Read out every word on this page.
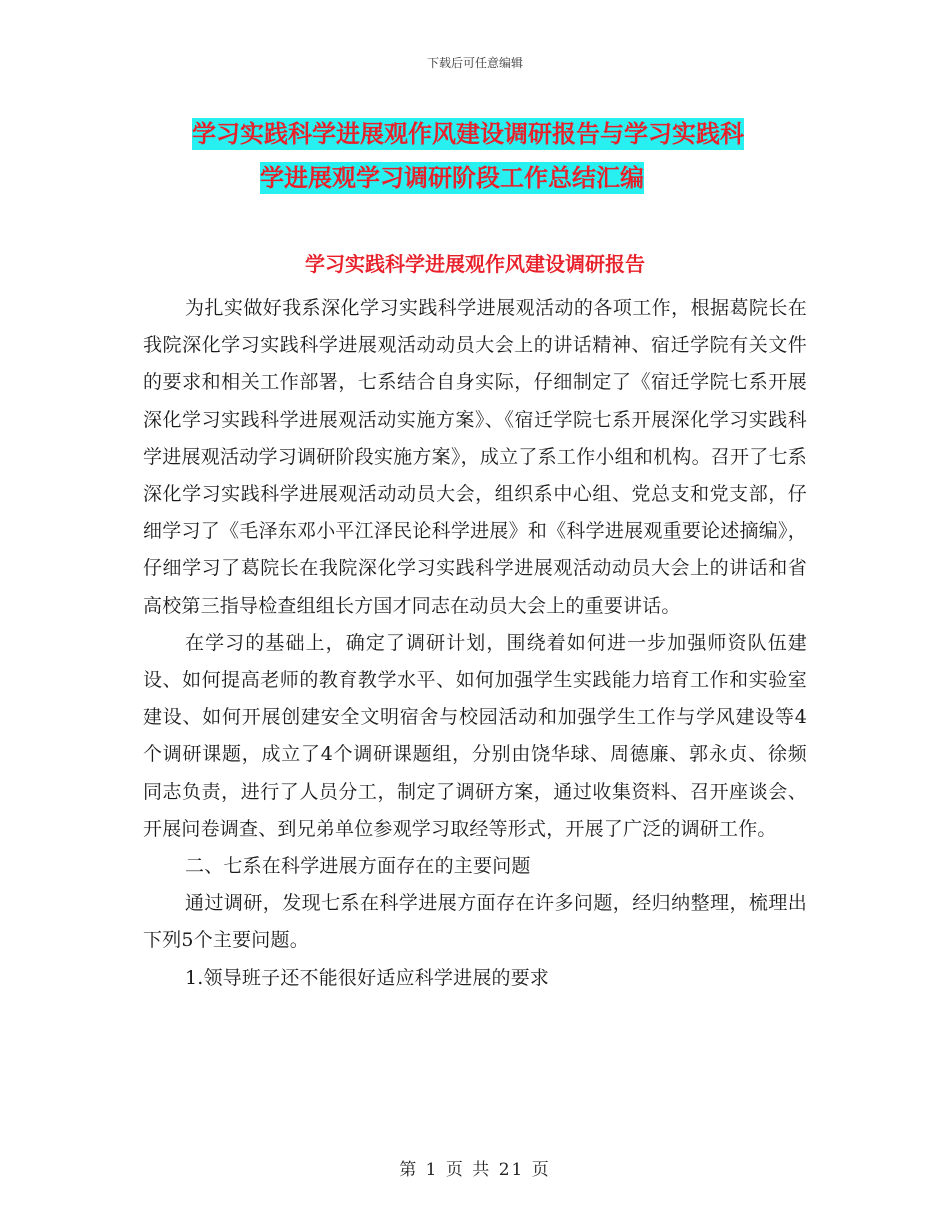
下载后可任意编辑
学习实践科学进展观作风建设调研报告与学习实践科
学进展观学习调研阶段工作总结汇编
学习实践科学进展观作风建设调研报告

为扎实做好我系深化学习实践科学进展观活动的各项工作，根据葛院长在我院深化学习实践科学进展观活动动员大会上的讲话精神、宿迁学院有关文件的要求和相关工作部署，七系结合自身实际，仔细制定了《宿迁学院七系开展深化学习实践科学进展观活动实施方案》、《宿迁学院七系开展深化学习实践科学进展观活动学习调研阶段实施方案》，成立了系工作小组和机构。召开了七系深化学习实践科学进展观活动动员大会，组织系中心组、党总支和党支部，仔细学习了《毛泽东邓小平江泽民论科学进展》和《科学进展观重要论述摘编》，仔细学习了葛院长在我院深化学习实践科学进展观活动动员大会上的讲话和省高校第三指导检查组组长方国才同志在动员大会上的重要讲话。

在学习的基础上，确定了调研计划，围绕着如何进一步加强师资队伍建设、如何提高老师的教育教学水平、如何加强学生实践能力培育工作和实验室建设、如何开展创建安全文明宿舍与校园活动和加强学生工作与学风建设等4个调研课题，成立了4个调研课题组，分别由饶华球、周德廉、郭永贞、徐频同志负责，进行了人员分工，制定了调研方案，通过收集资料、召开座谈会、开展问卷调查、到兄弟单位参观学习取经等形式，开展了广泛的调研工作。

二、七系在科学进展方面存在的主要问题

通过调研，发现七系在科学进展方面存在许多问题，经归纳整理，梳理出下列5个主要问题。

1.领导班子还不能很好适应科学进展的要求

第 1 页 共 21 页
